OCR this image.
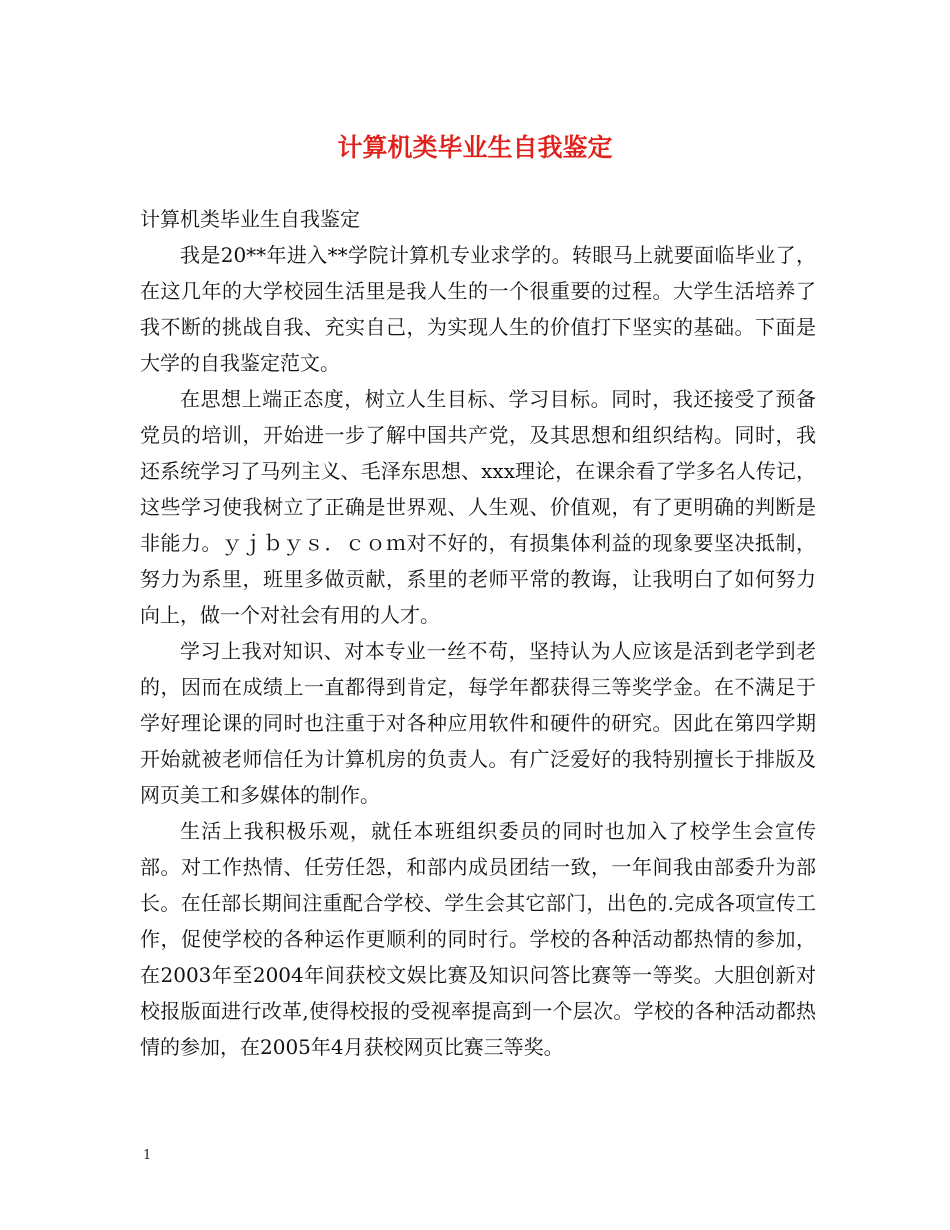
计算机类毕业生自我鉴定

计算机类毕业生自我鉴定

我是20**年进入**学院计算机专业求学的。转眼马上就要面临毕业了，在这几年的大学校园生活里是我人生的一个很重要的过程。大学生活培养了我不断的挑战自我、充实自己，为实现人生的价值打下坚实的基础。下面是大学的自我鉴定范文。

在思想上端正态度，树立人生目标、学习目标。同时，我还接受了预备党员的培训，开始进一步了解中国共产党，及其思想和组织结构。同时，我还系统学习了马列主义、毛泽东思想、xxx理论，在课余看了学多名人传记，这些学习使我树立了正确是世界观、人生观、价值观，有了更明确的判断是非能力。ｙｊｂｙｓ．ｃｏｍ对不好的，有损集体利益的现象要坚决抵制，努力为系里，班里多做贡献，系里的老师平常的教诲，让我明白了如何努力向上，做一个对社会有用的人才。

学习上我对知识、对本专业一丝不苟，坚持认为人应该是活到老学到老的，因而在成绩上一直都得到肯定，每学年都获得三等奖学金。在不满足于学好理论课的同时也注重于对各种应用软件和硬件的研究。因此在第四学期开始就被老师信任为计算机房的负责人。有广泛爱好的我特别擅长于排版及网页美工和多媒体的制作。

生活上我积极乐观，就任本班组织委员的同时也加入了校学生会宣传部。对工作热情、任劳任怨，和部内成员团结一致，一年间我由部委升为部长。在任部长期间注重配合学校、学生会其它部门，出色的.完成各项宣传工作，促使学校的各种运作更顺利的同时行。学校的各种活动都热情的参加，在2003年至2004年间获校文娱比赛及知识问答比赛等一等奖。大胆创新对校报版面进行改革,使得校报的受视率提高到一个层次。学校的各种活动都热情的参加，在2005年4月获校网页比赛三等奖。

1
